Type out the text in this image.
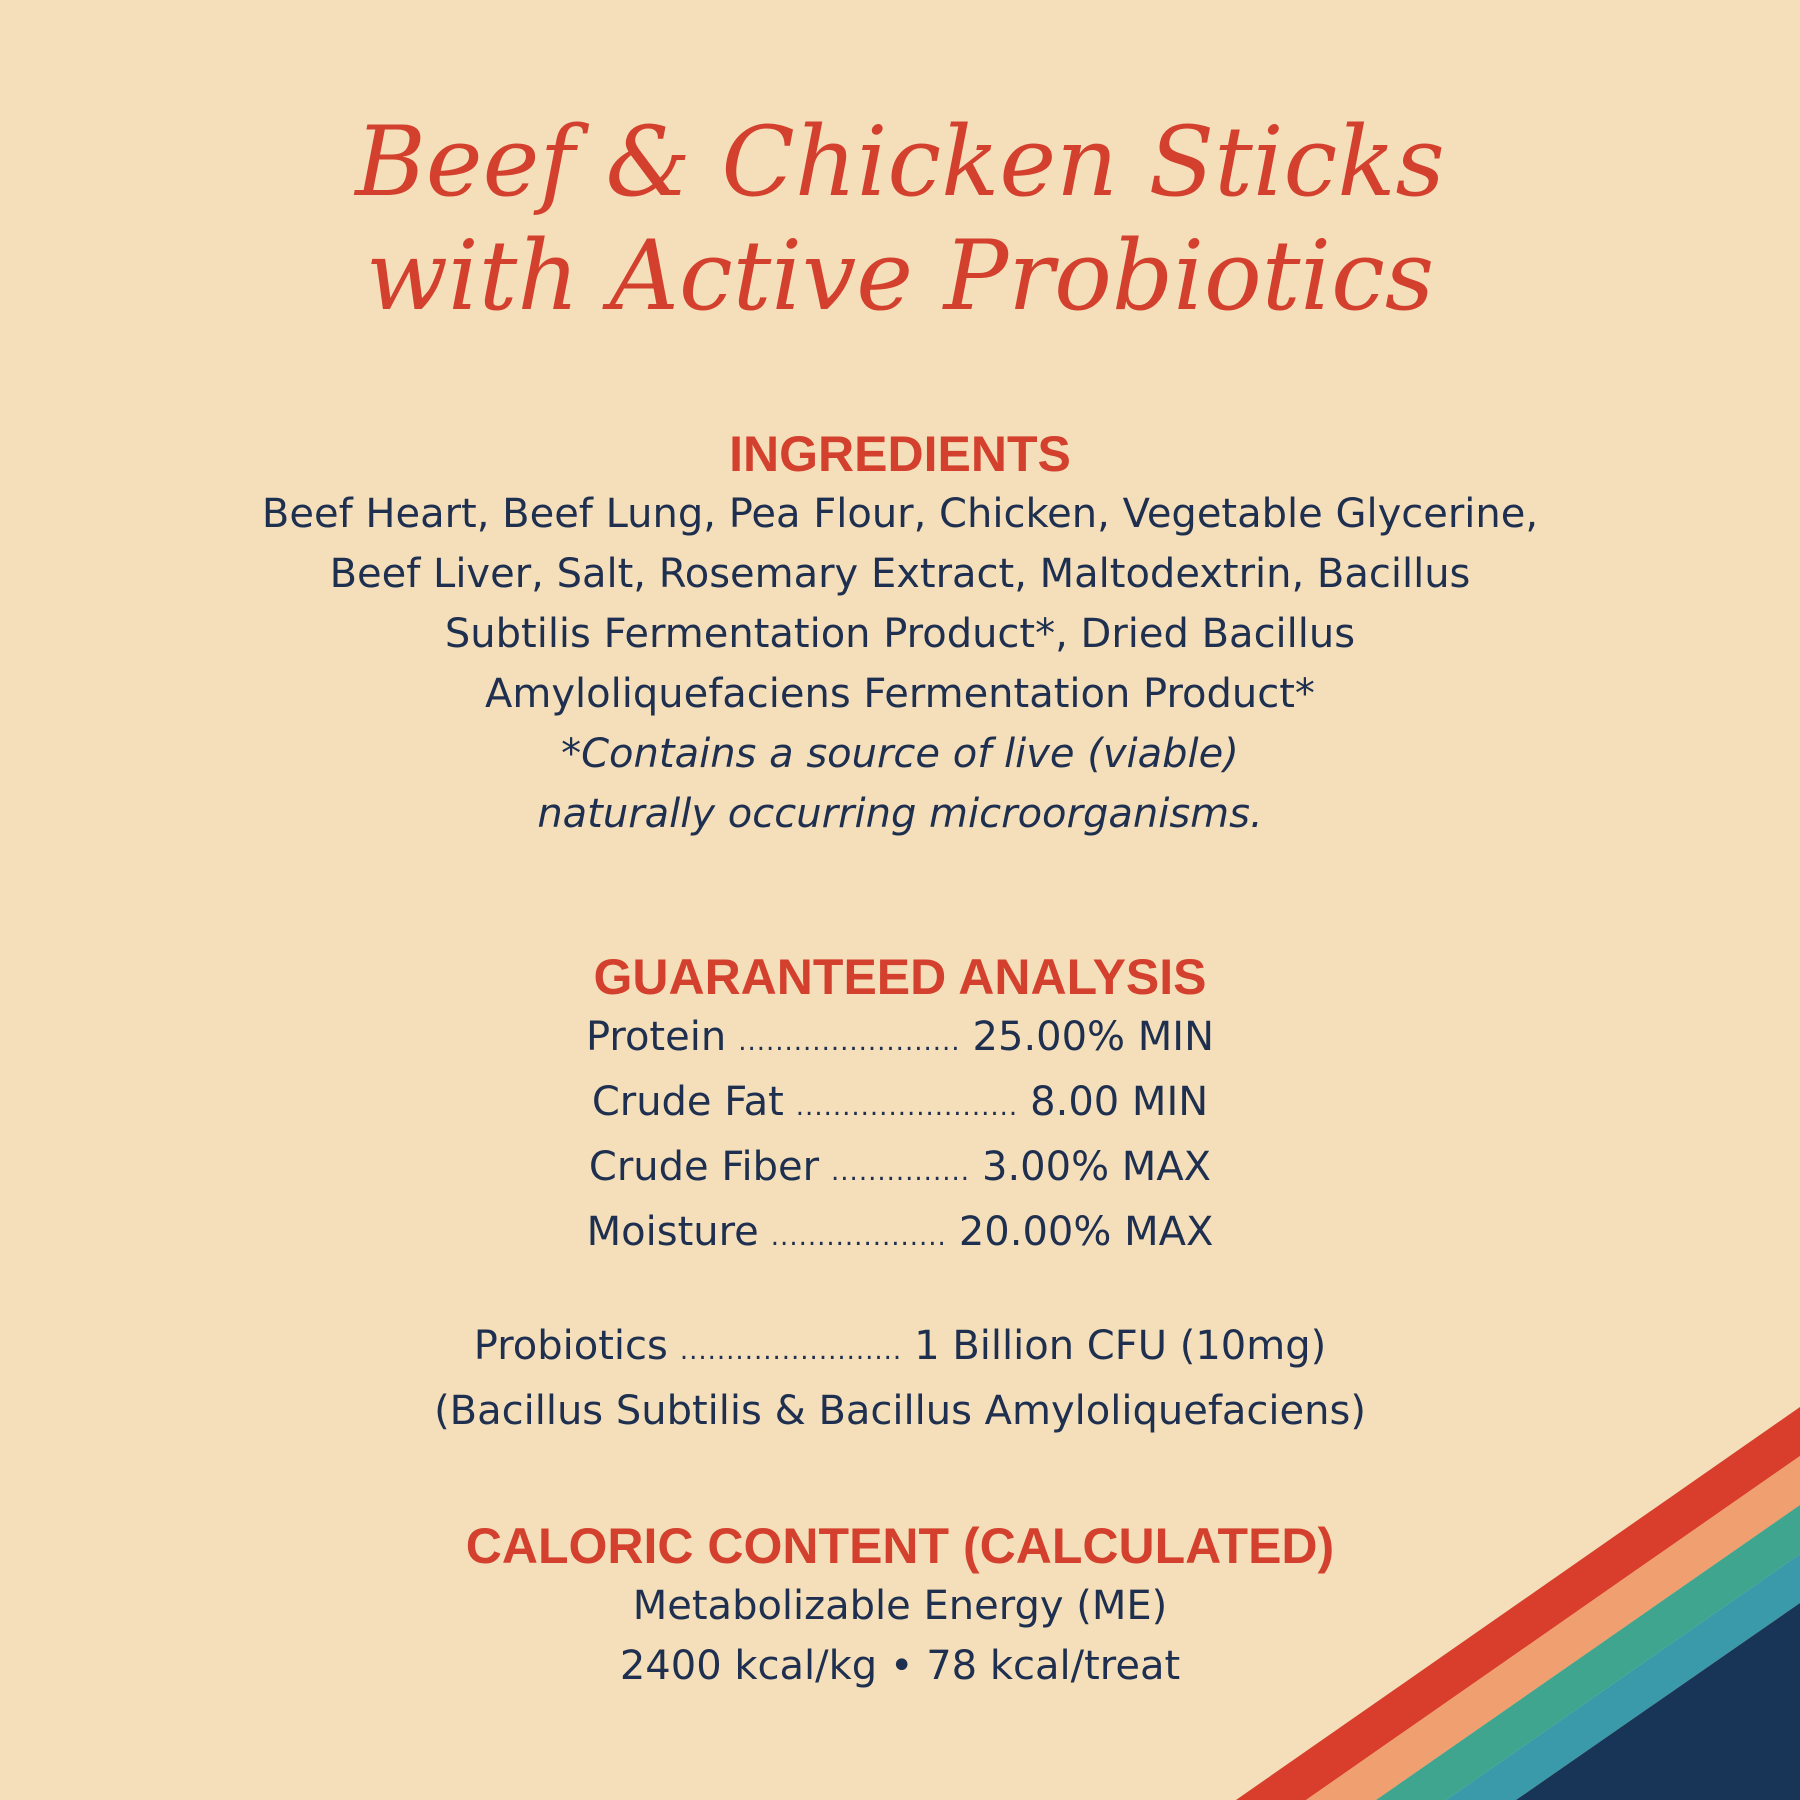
Beef & Chicken Sticks
with Active Probiotics
INGREDIENTS
Beef Heart, Beef Lung, Pea Flour, Chicken, Vegetable Glycerine,
Beef Liver, Salt, Rosemary Extract, Maltodextrin, Bacillus
Subtilis Fermentation Product*, Dried Bacillus
Amyloliquefaciens Fermentation Product*
*Contains a source of live (viable)
naturally occurring microorganisms.
GUARANTEED ANALYSIS
Protein ........................ 25.00% MIN
Crude Fat ........................ 8.00 MIN
Crude Fiber ............... 3.00% MAX
Moisture ................... 20.00% MAX
Probiotics ........................ 1 Billion CFU (10mg)
(Bacillus Subtilis & Bacillus Amyloliquefaciens)
CALORIC CONTENT (CALCULATED)
Metabolizable Energy (ME)
2400 kcal/kg • 78 kcal/treat
